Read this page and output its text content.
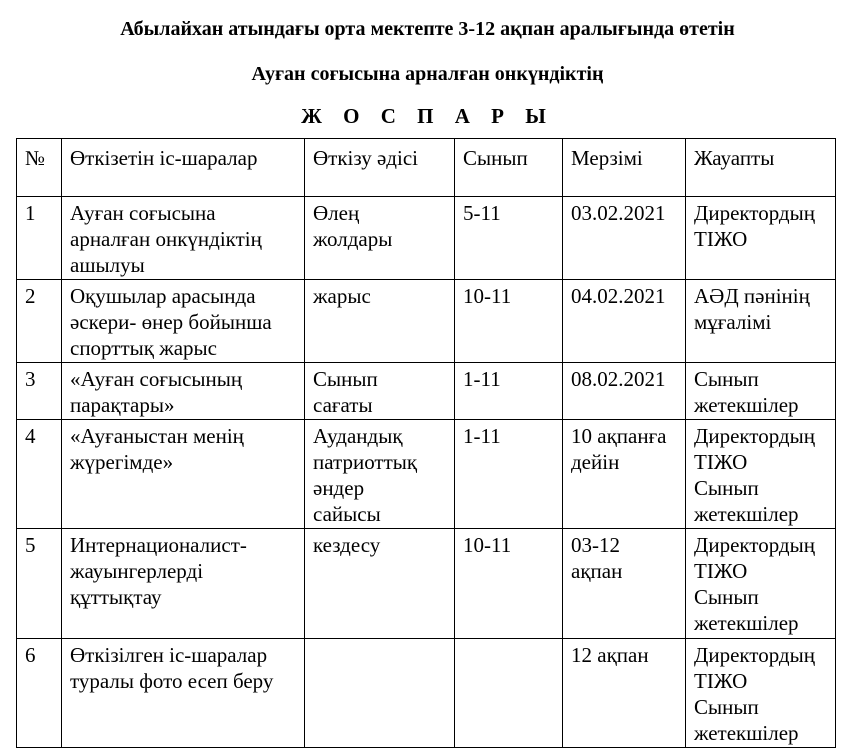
Абылайхан атындағы орта мектепте 3-12 ақпан аралығында өтетін
Ауған соғысына арналған онкүндіктің
Ж О С П А Р Ы
№	Өткізетін іс-шаралар	Өткізу әдісі	Сынып	Мерзімі	Жауапты
1	Ауған соғысына
арналған онкүндіктің
ашылуы	Өлең
жолдары	5-11	03.02.2021	Директордың
ТІЖО

2	Оқушылар арасында
әскери- өнер бойынша
спорттық жарыс	жарыс	10-11	04.02.2021	АӘД пәнінің
мұғалімі

3	«Ауған соғысының
парақтары»	Сынып
сағаты	1-11	08.02.2021	Сынып
жетекшілер

4	«Ауғаныстан менің
жүрегімде»	Аудандық
патриоттық
әндер
сайысы	1-11	10 ақпанға
дейін	Директордың
ТІЖО
Сынып
жетекшілер

5	Интернационалист-
жауынгерлерді
құттықтау	кездесу	10-11	03-12
ақпан	Директордың
ТІЖО
Сынып
жетекшілер

6	Өткізілген іс-шаралар
туралы фото есеп беру			12 ақпан	Директордың
ТІЖО
Сынып
жетекшілер
